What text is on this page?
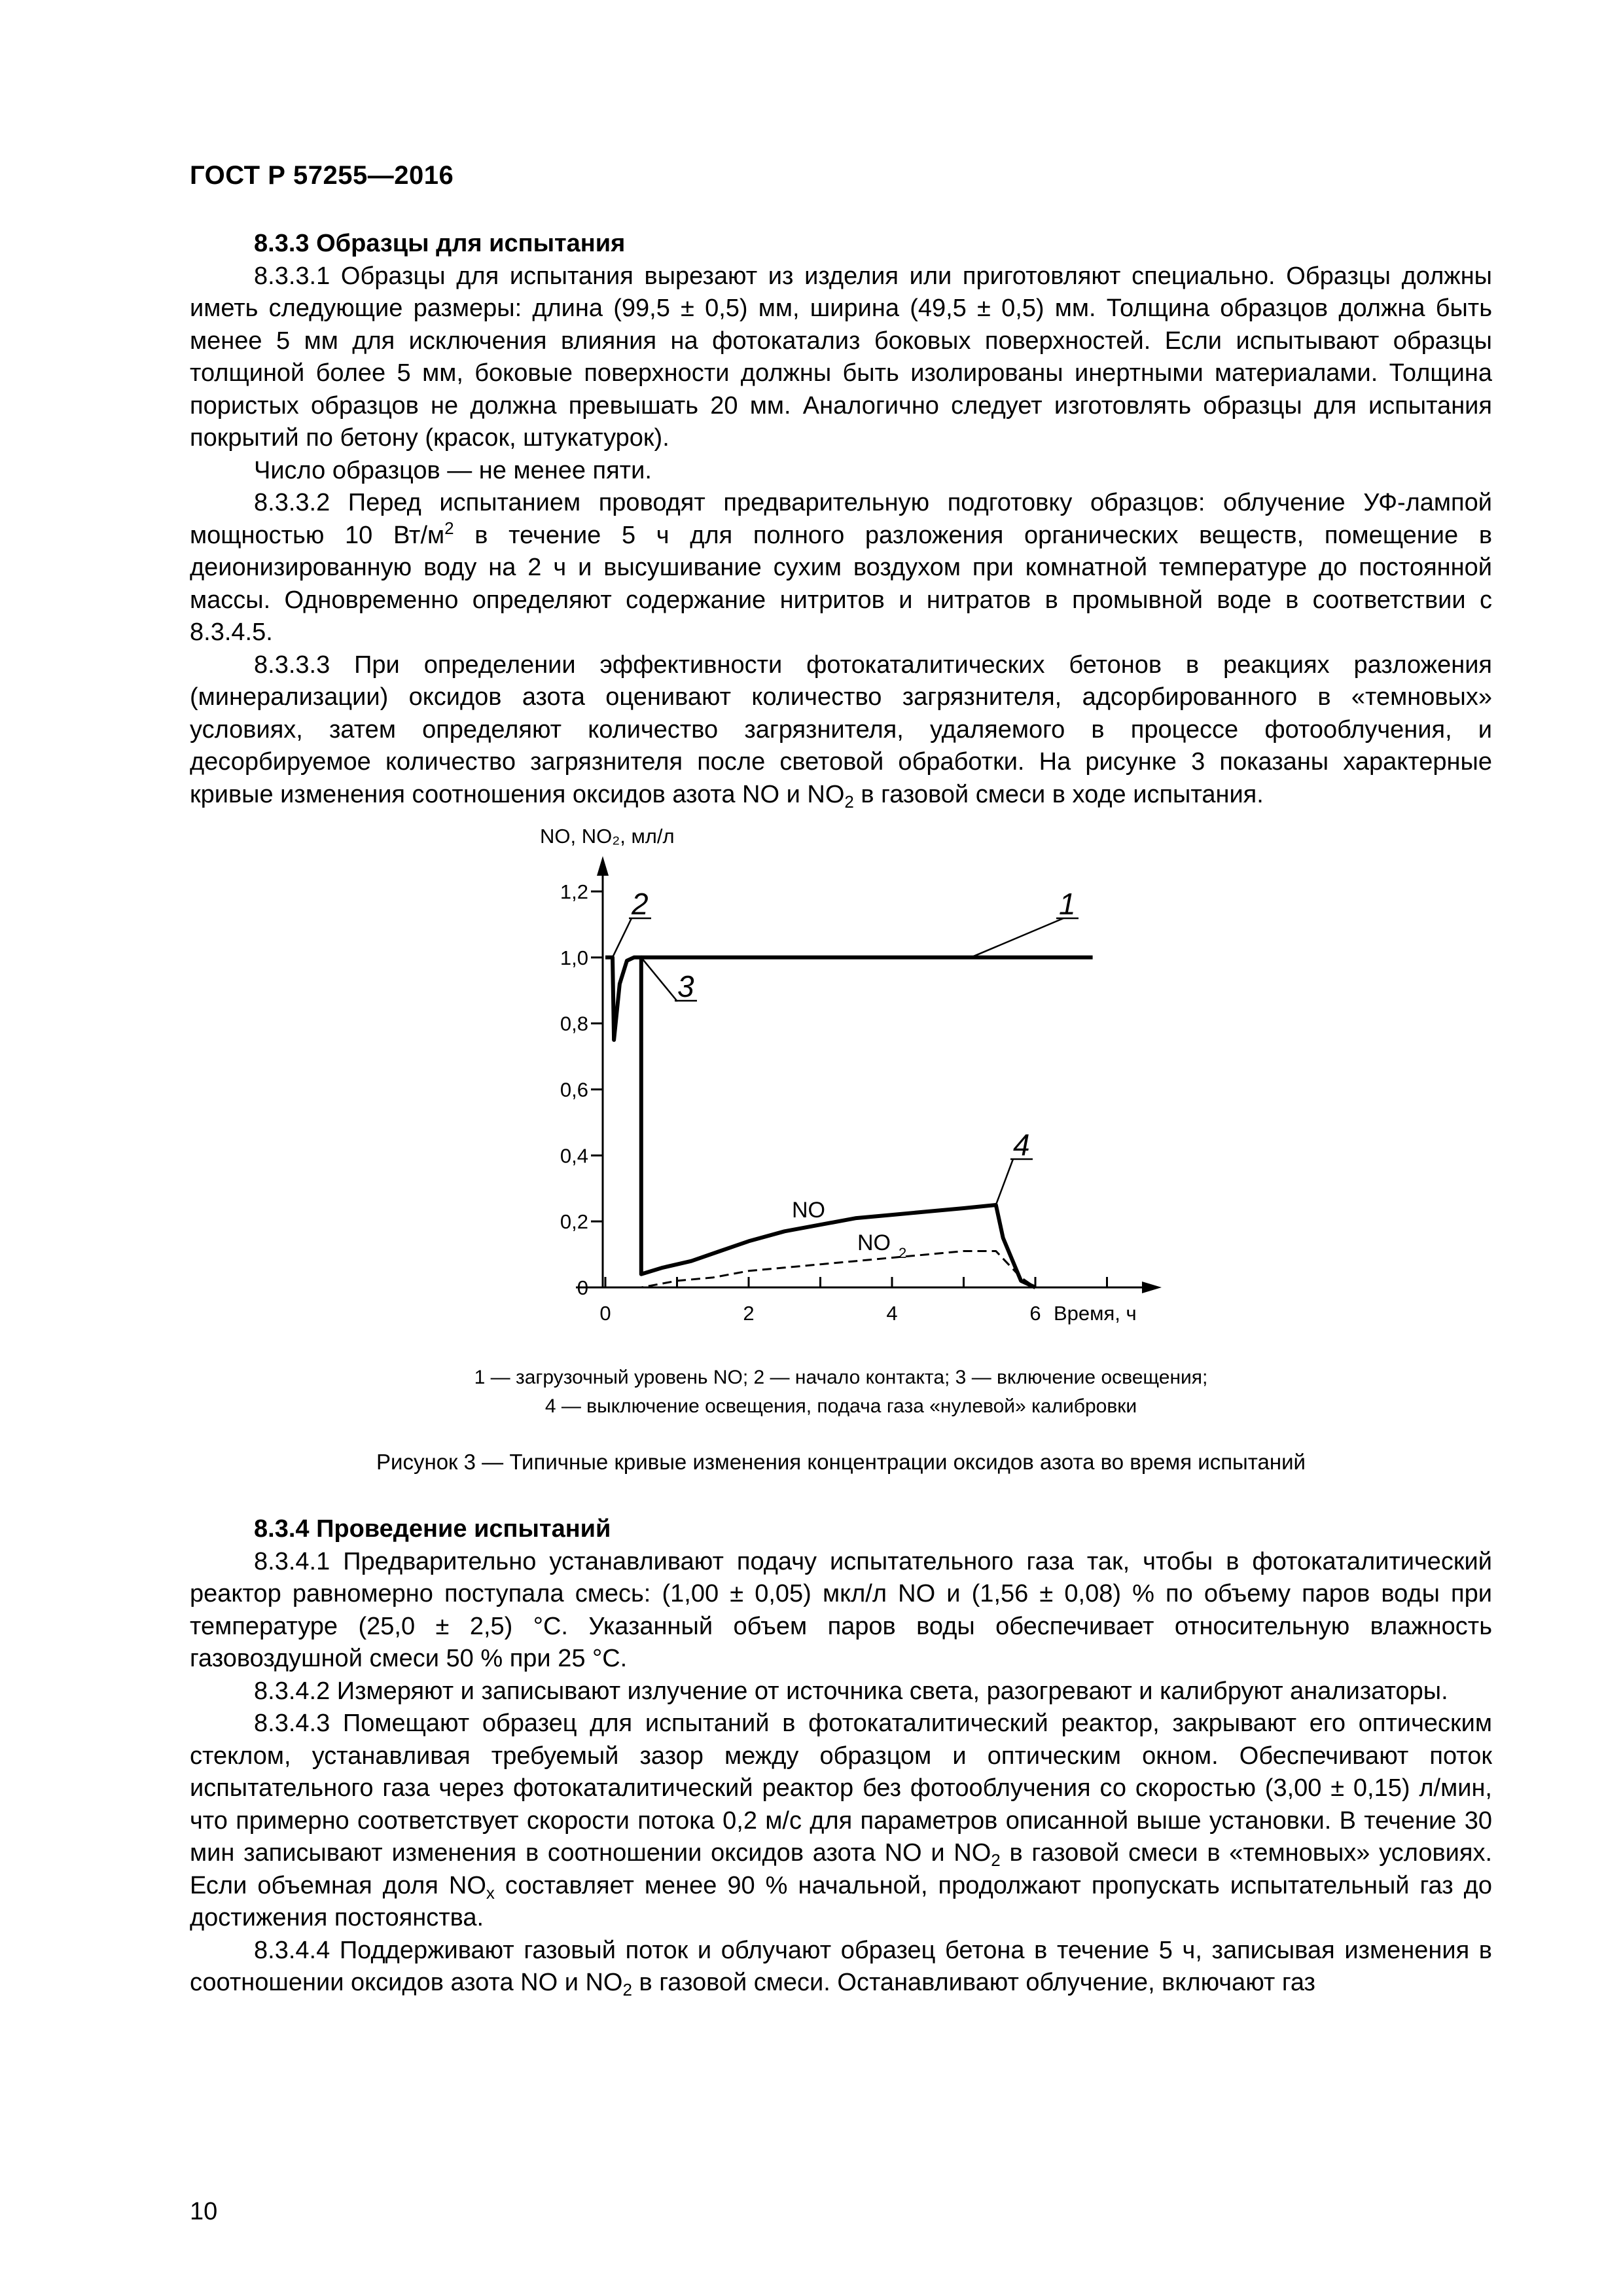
ГОСТ Р 57255—2016
8.3.3 Образцы для испытания

8.3.3.1 Образцы для испытания вырезают из изделия или приготовляют специально. Образцы должны иметь следующие размеры: длина (99,5 ± 0,5) мм, ширина (49,5 ± 0,5) мм. Толщина образцов должна быть менее 5 мм для исключения влияния на фотокатализ боковых поверхностей. Если испытывают образцы толщиной более 5 мм, боковые поверхности должны быть изолированы инертными материалами. Толщина пористых образцов не должна превышать 20 мм. Аналогично следует изготовлять образцы для испытания покрытий по бетону (красок, штукатурок).

Число образцов — не менее пяти.

8.3.3.2 Перед испытанием проводят предварительную подготовку образцов: облучение УФ-лампой мощностью 10 $Вт/м^2$ в течение 5 ч для полного разложения органических веществ, помещение в деионизированную воду на 2 ч и высушивание сухим воздухом при комнатной температуре до постоянной массы. Одновременно определяют содержание нитритов и нитратов в промывной воде в соответствии с 8.3.4.5.

8.3.3.3 При определении эффективности фотокаталитических бетонов в реакциях разложения (минерализации) оксидов азота оценивают количество загрязнителя, адсорбированного в «темновых» условиях, затем определяют количество загрязнителя, удаляемого в процессе фотооблучения, и десорбируемое количество загрязнителя после световой обработки. На рисунке 3 показаны характерные кривые изменения соотношения оксидов азота NO и $NO_2$ в газовой смеси в ходе испытания.

0
0,2
0,4
0,6
0,8
1,0
1,2
0	2	4	6
NO, NO₂, мл/л
Время, ч
NO
NO 2
1
2
3
4
1 — загрузочный уровень NO; 2 — начало контакта; 3 — включение освещения;
4 — выключение освещения, подача газа «нулевой» калибровки
Рисунок 3 — Типичные кривые изменения концентрации оксидов азота во время испытаний
8.3.4 Проведение испытаний

8.3.4.1 Предварительно устанавливают подачу испытательного газа так, чтобы в фотокаталитический реактор равномерно поступала смесь: (1,00 ± 0,05) мкл/л NO и (1,56 ± 0,08) % по объему паров воды при температуре (25,0 ± 2,5) °С. Указанный объем паров воды обеспечивает относительную влажность газовоздушной смеси 50 % при 25 °С.

8.3.4.2 Измеряют и записывают излучение от источника света, разогревают и калибруют анализаторы.

8.3.4.3 Помещают образец для испытаний в фотокаталитический реактор, закрывают его оптическим стеклом, устанавливая требуемый зазор между образцом и оптическим окном. Обеспечивают поток испытательного газа через фотокаталитический реактор без фотооблучения со скоростью (3,00 ± 0,15) л/мин, что примерно соответствует скорости потока 0,2 м/с для параметров описанной выше установки. В течение 30 мин записывают изменения в соотношении оксидов азота NO и $NO_2$ в газовой смеси в «темновых» условиях. Если объемная доля $NO_x$ составляет менее 90 % начальной, продолжают пропускать испытательный газ до достижения постоянства.

8.3.4.4 Поддерживают газовый поток и облучают образец бетона в течение 5 ч, записывая изменения в соотношении оксидов азота NO и $NO_2$ в газовой смеси. Останавливают облучение, включают газ

10
